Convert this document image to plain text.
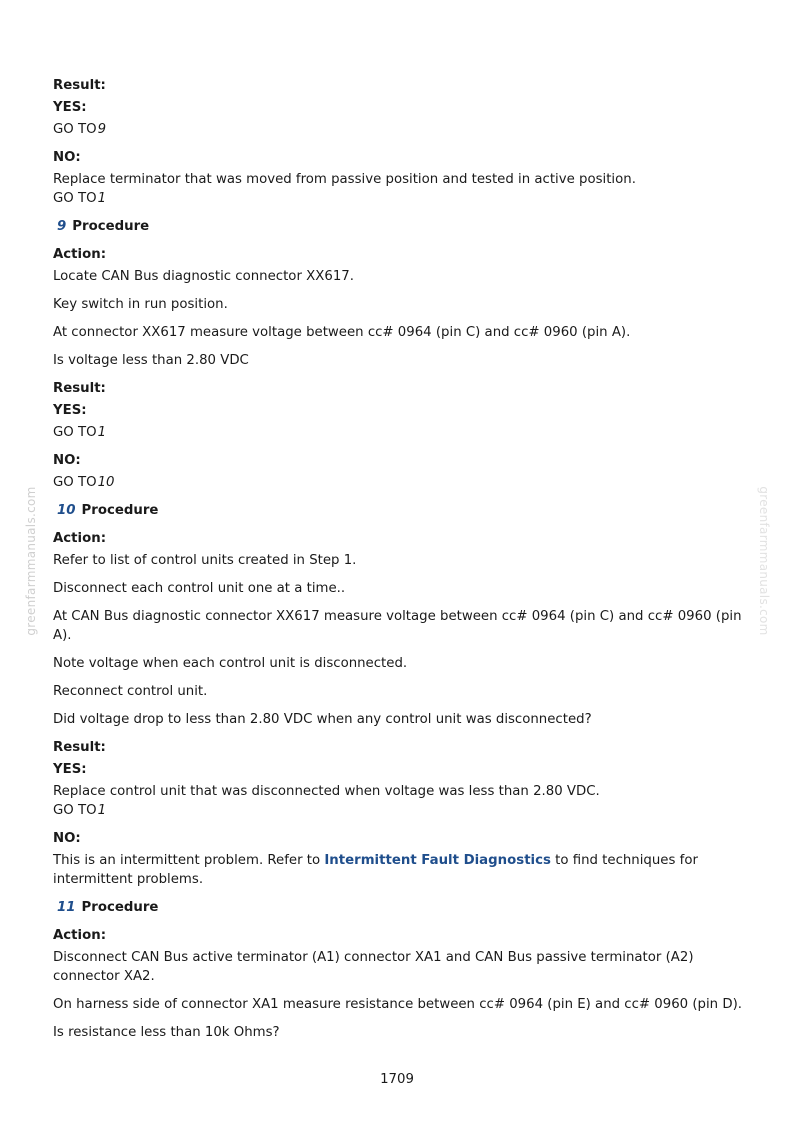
greenfarmmanuals.com	greenfarmmanuals.com
Result:
YES:
GO TO9
NO:
Replace terminator that was moved from passive position and tested in active position.
GO TO1
9 Procedure
Action:
Locate CAN Bus diagnostic connector XX617.
Key switch in run position.
At connector XX617 measure voltage between cc# 0964 (pin C) and cc# 0960 (pin A).
Is voltage less than 2.80 VDC
Result:
YES:
GO TO1
NO:
GO TO10
10 Procedure
Action:
Refer to list of control units created in Step 1.
Disconnect each control unit one at a time..
At CAN Bus diagnostic connector XX617 measure voltage between cc# 0964 (pin C) and cc# 0960 (pin A).
Note voltage when each control unit is disconnected.
Reconnect control unit.
Did voltage drop to less than 2.80 VDC when any control unit was disconnected?
Result:
YES:
Replace control unit that was disconnected when voltage was less than 2.80 VDC.
GO TO1
NO:
This is an intermittent problem. Refer to Intermittent Fault Diagnostics to find techniques for intermittent problems.
11 Procedure
Action:
Disconnect CAN Bus active terminator (A1) connector XA1 and CAN Bus passive terminator (A2) connector XA2.
On harness side of connector XA1 measure resistance between cc# 0964 (pin E) and cc# 0960 (pin D).
Is resistance less than 10k Ohms?
1709
